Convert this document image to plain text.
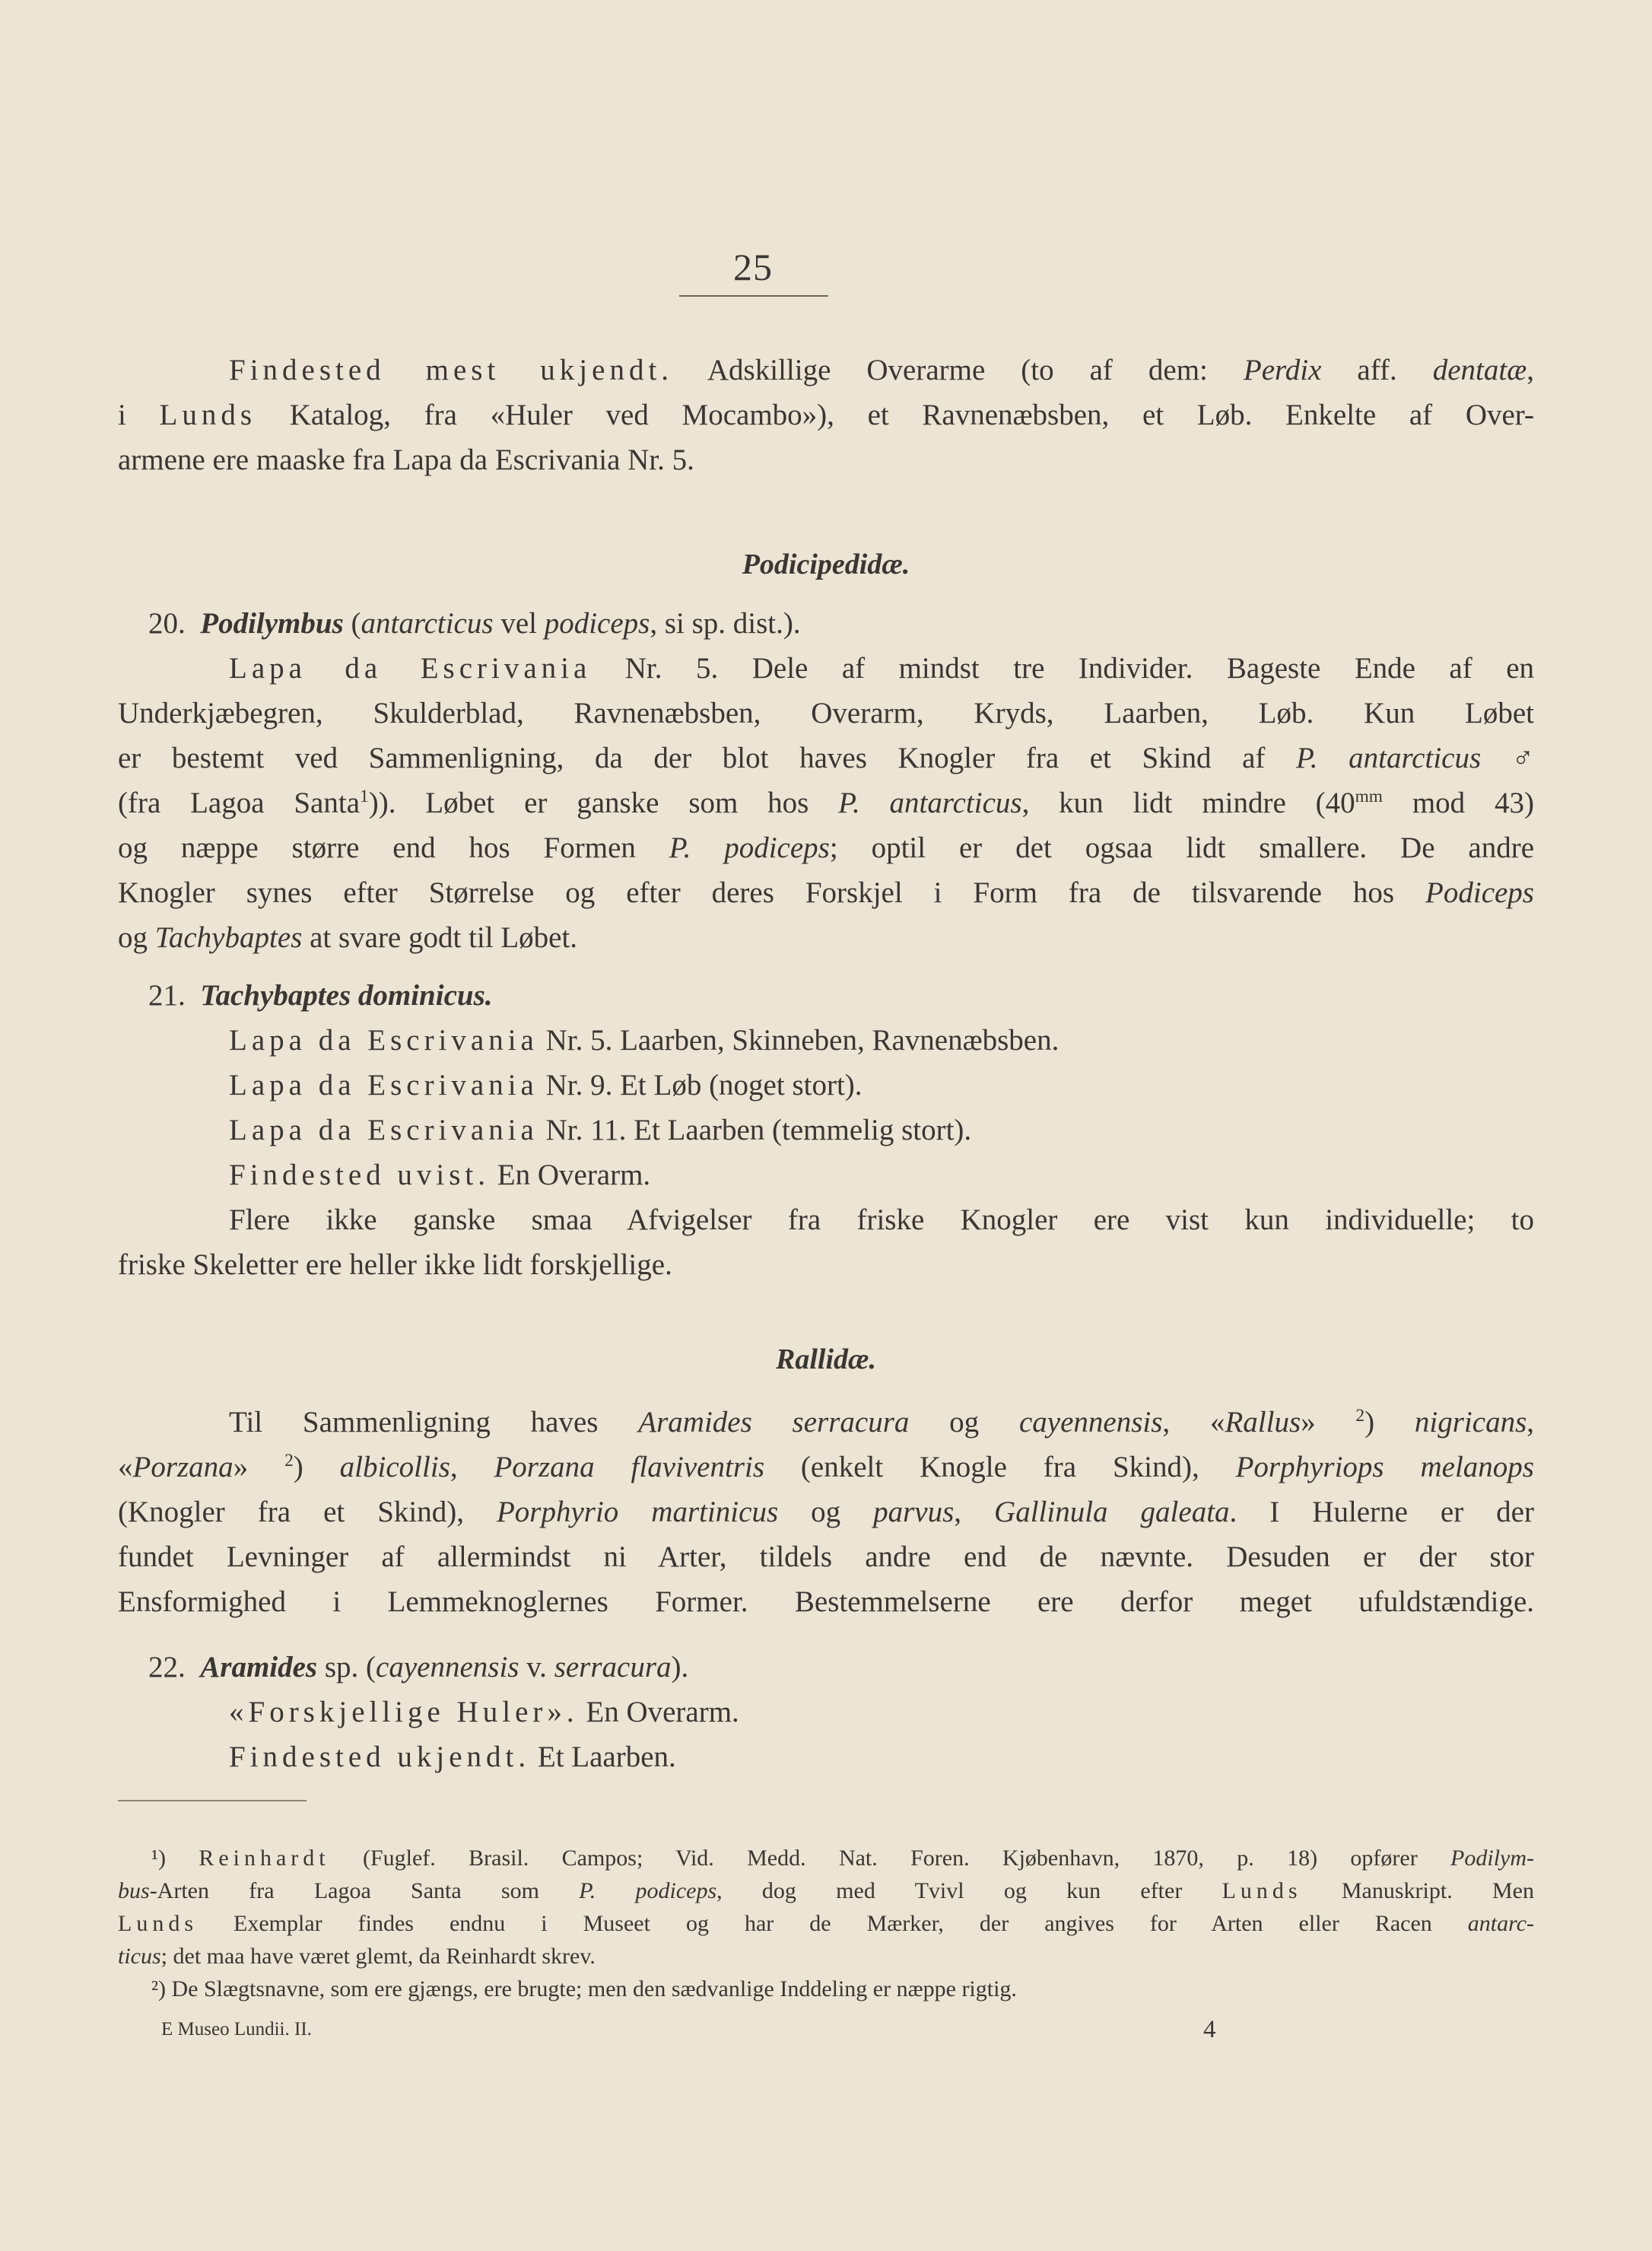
25
Findested mest ukjendt. Adskillige Overarme (to af dem: Perdix aff. dentatæ,
i Lunds Katalog, fra «Huler ved Mocambo»), et Ravnenæbsben, et Løb. Enkelte af Over-
armene ere maaske fra Lapa da Escrivania Nr. 5.
Podicipedidæ.
20. Podilymbus (antarcticus vel podiceps, si sp. dist.).
Lapa da Escrivania Nr. 5. Dele af mindst tre Individer. Bageste Ende af en
Underkjæbegren, Skulderblad, Ravnenæbsben, Overarm, Kryds, Laarben, Løb. Kun Løbet
er bestemt ved Sammenligning, da der blot haves Knogler fra et Skind af P. antarcticus ♂
(fra Lagoa Santa$^1$)). Løbet er ganske som hos P. antarcticus, kun lidt mindre ($40^{mm}$ mod 43)
og næppe større end hos Formen P. podiceps; optil er det ogsaa lidt smallere. De andre
Knogler synes efter Størrelse og efter deres Forskjel i Form fra de tilsvarende hos Podiceps
og Tachybaptes at svare godt til Løbet.
21. Tachybaptes dominicus.
Lapa da Escrivania Nr. 5. Laarben, Skinneben, Ravnenæbsben.
Lapa da Escrivania Nr. 9. Et Løb (noget stort).
Lapa da Escrivania Nr. 11. Et Laarben (temmelig stort).
Findested uvist. En Overarm.
Flere ikke ganske smaa Afvigelser fra friske Knogler ere vist kun individuelle; to
friske Skeletter ere heller ikke lidt forskjellige.
Rallidæ.
Til Sammenligning haves Aramides serracura og cayennensis, «Rallus» $^2$) nigricans,
«Porzana» $^2$) albicollis, Porzana flaviventris (enkelt Knogle fra Skind), Porphyriops melanops
(Knogler fra et Skind), Porphyrio martinicus og parvus, Gallinula galeata. I Hulerne er der
fundet Levninger af allermindst ni Arter, tildels andre end de nævnte. Desuden er der stor
Ensformighed i Lemmeknoglernes Former. Bestemmelserne ere derfor meget ufuldstændige.
22. Aramides sp. (cayennensis v. serracura).
«Forskjellige Huler». En Overarm.
Findested ukjendt. Et Laarben.
¹) Reinhardt (Fuglef. Brasil. Campos; Vid. Medd. Nat. Foren. Kjøbenhavn, 1870, p. 18) opfører Podilym-
bus-Arten fra Lagoa Santa som P. podiceps, dog med Tvivl og kun efter Lunds Manuskript. Men
Lunds Exemplar findes endnu i Museet og har de Mærker, der angives for Arten eller Racen antarc-
ticus; det maa have været glemt, da Reinhardt skrev.
²) De Slægtsnavne, som ere gjængs, ere brugte; men den sædvanlige Inddeling er næppe rigtig.
E Museo Lundii. II.	4
